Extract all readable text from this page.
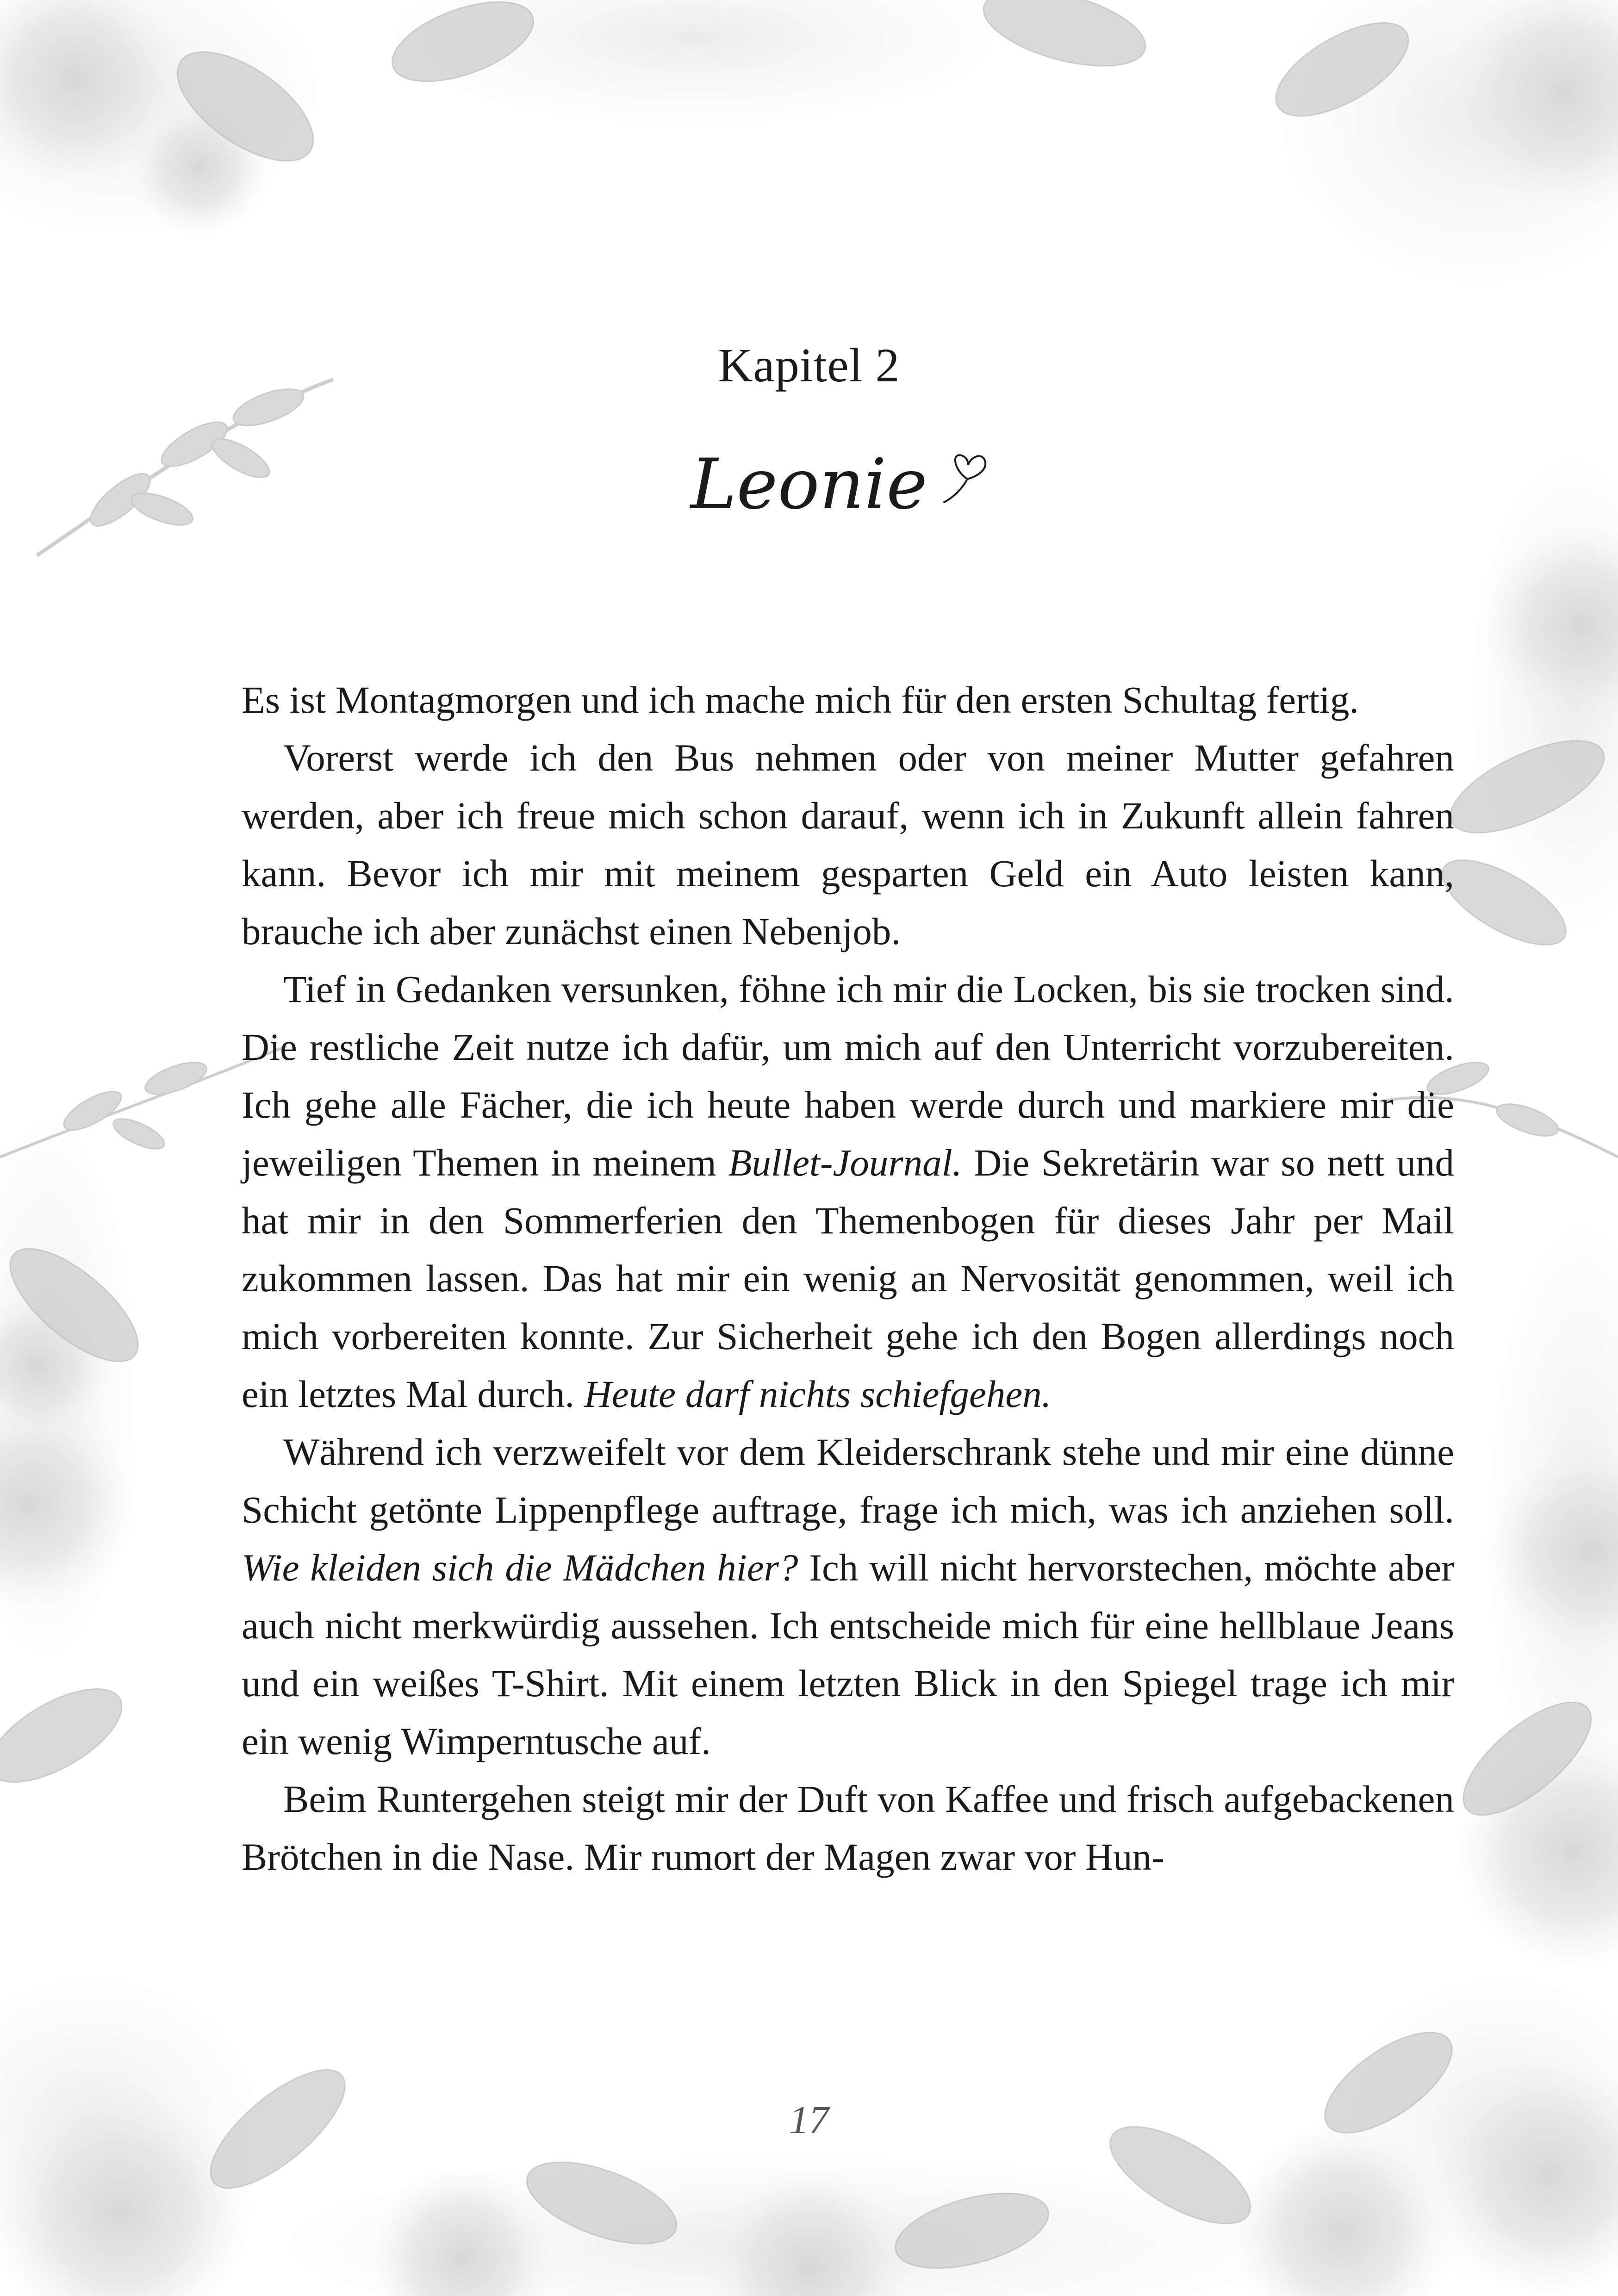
Kapitel 2
Leonie

Es ist Montagmorgen und ich mache mich für den ersten Schultag fertig.

Vorerst werde ich den Bus nehmen oder von meiner Mutter gefahren werden, aber ich freue mich schon darauf, wenn ich in Zukunft allein fahren kann. Bevor ich mir mit meinem gesparten Geld ein Auto leisten kann, brauche ich aber zunächst einen Nebenjob.

Tief in Gedanken versunken, föhne ich mir die Locken, bis sie trocken sind. Die restliche Zeit nutze ich dafür, um mich auf den Unterricht vorzubereiten. Ich gehe alle Fächer, die ich heute haben werde durch und markiere mir die jeweiligen Themen in meinem Bullet-Journal. Die Sekretärin war so nett und hat mir in den Sommerferien den Themenbogen für dieses Jahr per Mail zukommen lassen. Das hat mir ein wenig an Nervosität genommen, weil ich mich vorbereiten konnte. Zur Sicherheit gehe ich den Bogen allerdings noch ein letztes Mal durch. Heute darf nichts schiefgehen.

Während ich verzweifelt vor dem Kleiderschrank stehe und mir eine dünne Schicht getönte Lippenpflege auftrage, frage ich mich, was ich anziehen soll. Wie kleiden sich die Mädchen hier? Ich will nicht hervorstechen, möchte aber auch nicht merkwürdig aussehen. Ich entscheide mich für eine hellblaue Jeans und ein weißes T-Shirt. Mit einem letzten Blick in den Spiegel trage ich mir ein wenig Wimperntusche auf.

Beim Runtergehen steigt mir der Duft von Kaffee und frisch aufgebackenen Brötchen in die Nase. Mir rumort der Magen zwar vor Hun-

17
